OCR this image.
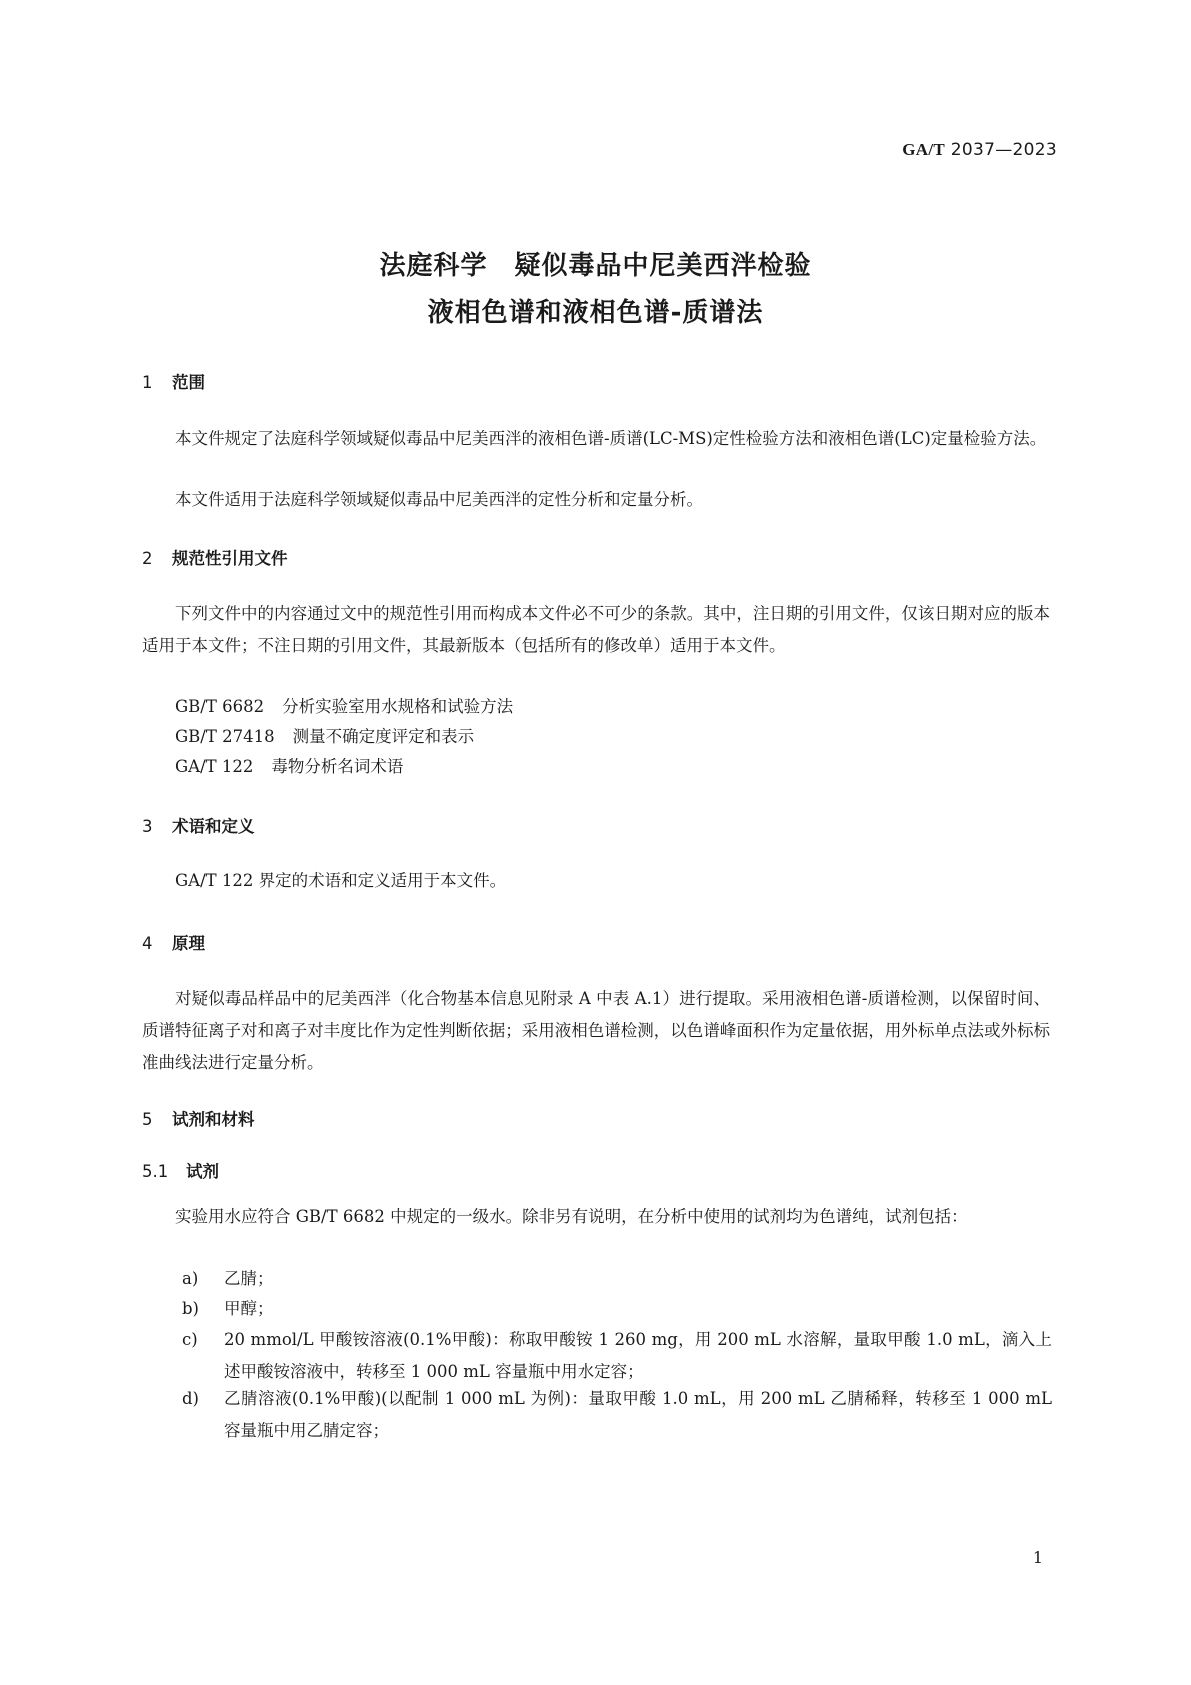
GA/T 2037—2023
法庭科学　疑似毒品中尼美西泮检验
液相色谱和液相色谱-质谱法
1 范围
本文件规定了法庭科学领域疑似毒品中尼美西泮的液相色谱-质谱(LC-MS)定性检验方法和液相色谱(LC)定量检验方法。
本文件适用于法庭科学领域疑似毒品中尼美西泮的定性分析和定量分析。
2 规范性引用文件
下列文件中的内容通过文中的规范性引用而构成本文件必不可少的条款。其中，注日期的引用文件，仅该日期对应的版本适用于本文件；不注日期的引用文件，其最新版本（包括所有的修改单）适用于本文件。
GB/T 6682 分析实验室用水规格和试验方法
GB/T 27418 测量不确定度评定和表示
GA/T 122 毒物分析名词术语
3 术语和定义
GA/T 122 界定的术语和定义适用于本文件。
4 原理
对疑似毒品样品中的尼美西泮（化合物基本信息见附录 A 中表 A.1）进行提取。采用液相色谱-质谱检测，以保留时间、质谱特征离子对和离子对丰度比作为定性判断依据；采用液相色谱检测，以色谱峰面积作为定量依据，用外标单点法或外标标准曲线法进行定量分析。
5 试剂和材料
5.1 试剂
实验用水应符合 GB/T 6682 中规定的一级水。除非另有说明，在分析中使用的试剂均为色谱纯，试剂包括：
a) 乙腈；
b) 甲醇；
c) 20 mmol/L 甲酸铵溶液(0.1%甲酸)：称取甲酸铵 1 260 mg，用 200 mL 水溶解，量取甲酸 1.0 mL，滴入上述甲酸铵溶液中，转移至 1 000 mL 容量瓶中用水定容；
d) 乙腈溶液(0.1%甲酸)(以配制 1 000 mL 为例)：量取甲酸 1.0 mL，用 200 mL 乙腈稀释，转移至 1 000 mL 容量瓶中用乙腈定容；
1
